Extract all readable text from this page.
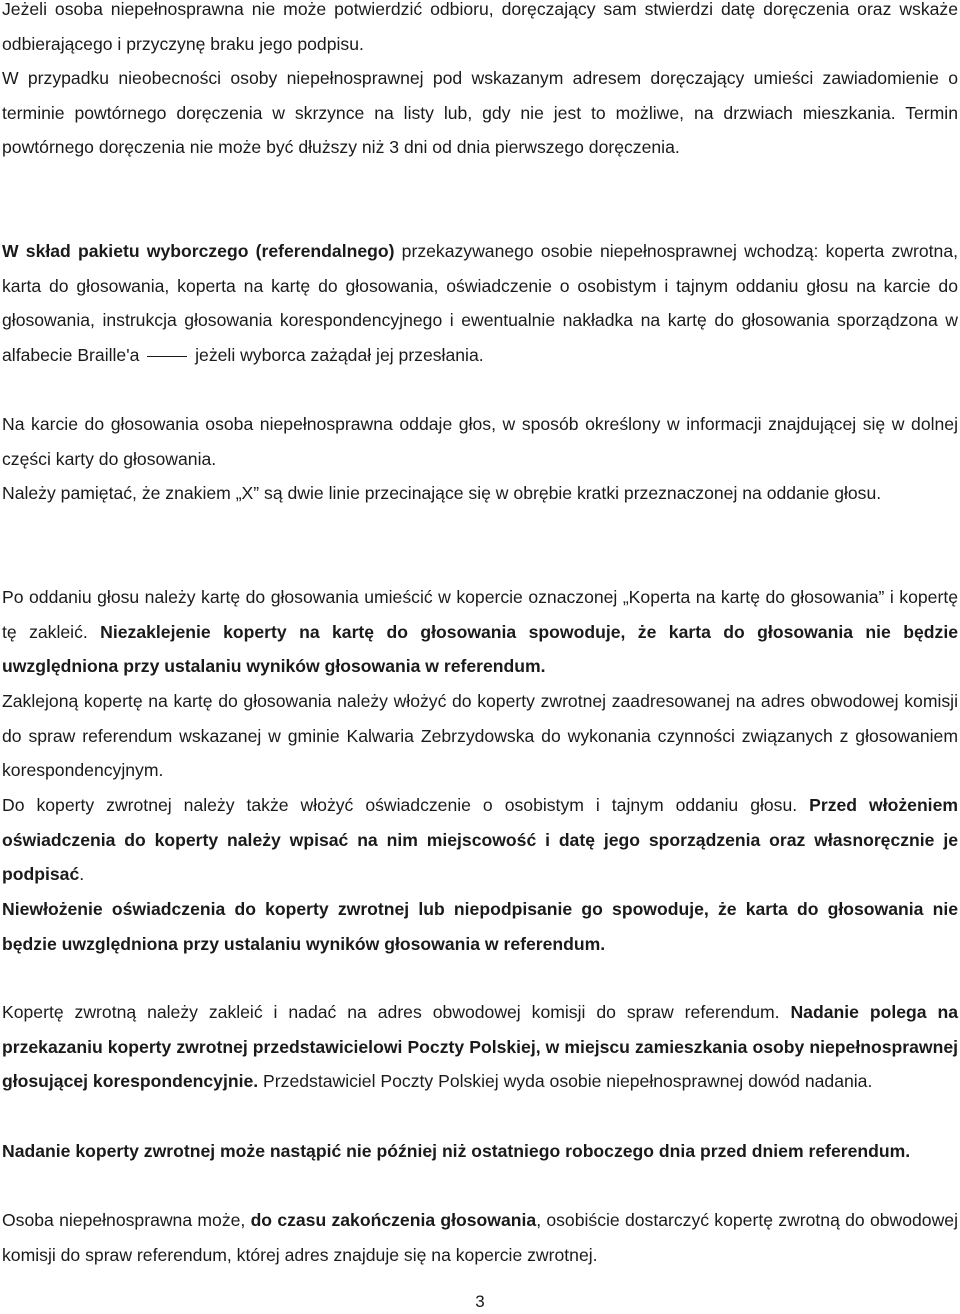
Jeżeli osoba niepełnosprawna nie może potwierdzić odbioru, doręczający sam stwierdzi datę doręczenia oraz wskaże odbierającego i przyczynę braku jego podpisu.

W przypadku nieobecności osoby niepełnosprawnej pod wskazanym adresem doręczający umieści zawiadomienie o terminie powtórnego doręczenia w skrzynce na listy lub, gdy nie jest to możliwe, na drzwiach mieszkania. Termin powtórnego doręczenia nie może być dłuższy niż 3 dni od dnia pierwszego doręczenia.

W skład pakietu wyborczego (referendalnego) przekazywanego osobie niepełnosprawnej wchodzą: koperta zwrotna, karta do głosowania, koperta na kartę do głosowania, oświadczenie o osobistym i tajnym oddaniu głosu na karcie do głosowania, instrukcja głosowania korespondencyjnego i ewentualnie nakładka na kartę do głosowania sporządzona w alfabecie Braille'a	jeżeli wyborca zażądał jej przesłania.

Na karcie do głosowania osoba niepełnosprawna oddaje głos, w sposób określony w informacji znajdującej się w dolnej części karty do głosowania.

Należy pamiętać, że znakiem „X” są dwie linie przecinające się w obrębie kratki przeznaczonej na oddanie głosu.

Po oddaniu głosu należy kartę do głosowania umieścić w kopercie oznaczonej „Koperta na kartę do głosowania” i kopertę tę zakleić. Niezaklejenie koperty na kartę do głosowania spowoduje, że karta do głosowania nie będzie uwzględniona przy ustalaniu wyników głosowania w referendum.

Zaklejoną kopertę na kartę do głosowania należy włożyć do koperty zwrotnej zaadresowanej na adres obwodowej komisji do spraw referendum wskazanej w gminie Kalwaria Zebrzydowska do wykonania czynności związanych z głosowaniem korespondencyjnym.

Do koperty zwrotnej należy także włożyć oświadczenie o osobistym i tajnym oddaniu głosu. Przed włożeniem oświadczenia do koperty należy wpisać na nim miejscowość i datę jego sporządzenia oraz własnoręcznie je podpisać.

Niewłożenie oświadczenia do koperty zwrotnej lub niepodpisanie go spowoduje, że karta do głosowania nie będzie uwzględniona przy ustalaniu wyników głosowania w referendum.

Kopertę zwrotną należy zakleić i nadać na adres obwodowej komisji do spraw referendum. Nadanie polega na przekazaniu koperty zwrotnej przedstawicielowi Poczty Polskiej, w miejscu zamieszkania osoby niepełnosprawnej głosującej korespondencyjnie. Przedstawiciel Poczty Polskiej wyda osobie niepełnosprawnej dowód nadania.

Nadanie koperty zwrotnej może nastąpić nie później niż ostatniego roboczego dnia przed dniem referendum.

Osoba niepełnosprawna może, do czasu zakończenia głosowania, osobiście dostarczyć kopertę zwrotną do obwodowej komisji do spraw referendum, której adres znajduje się na kopercie zwrotnej.

3
